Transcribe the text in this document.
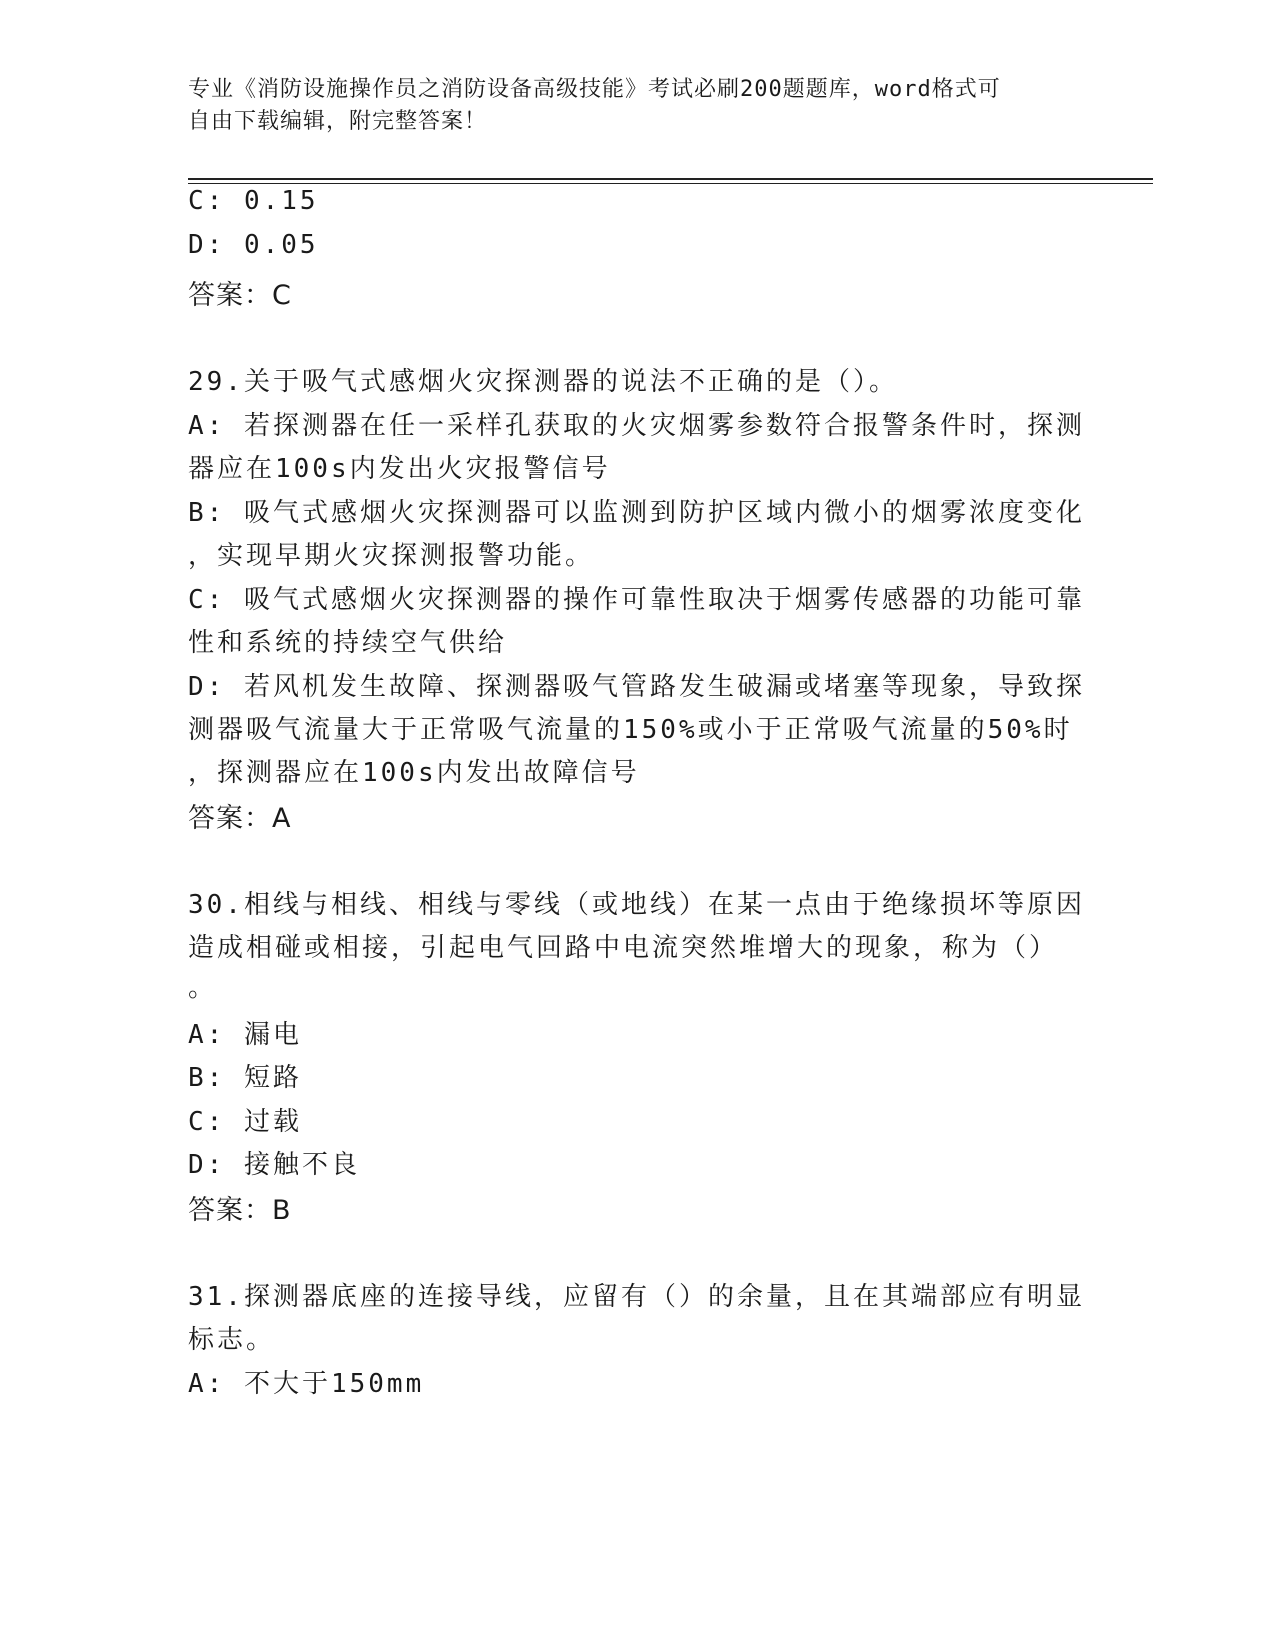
专业《消防设施操作员之消防设备高级技能》考试必刷200题题库，word格式可
自由下载编辑，附完整答案！
C: 0.15
D: 0.05
答案：C
29.关于吸气式感烟火灾探测器的说法不正确的是（）。
A: 若探测器在任一采样孔获取的火灾烟雾参数符合报警条件时，探测
器应在100s内发出火灾报警信号
B: 吸气式感烟火灾探测器可以监测到防护区域内微小的烟雾浓度变化
，实现早期火灾探测报警功能。
C: 吸气式感烟火灾探测器的操作可靠性取决于烟雾传感器的功能可靠
性和系统的持续空气供给
D: 若风机发生故障、探测器吸气管路发生破漏或堵塞等现象，导致探
测器吸气流量大于正常吸气流量的150%或小于正常吸气流量的50%时
，探测器应在100s内发出故障信号
答案：A
30.相线与相线、相线与零线（或地线）在某一点由于绝缘损坏等原因
造成相碰或相接，引起电气回路中电流突然堆增大的现象，称为（）
。
A: 漏电
B: 短路
C: 过载
D: 接触不良
答案：B
31.探测器底座的连接导线，应留有（）的余量，且在其端部应有明显
标志。
A: 不大于150mm
